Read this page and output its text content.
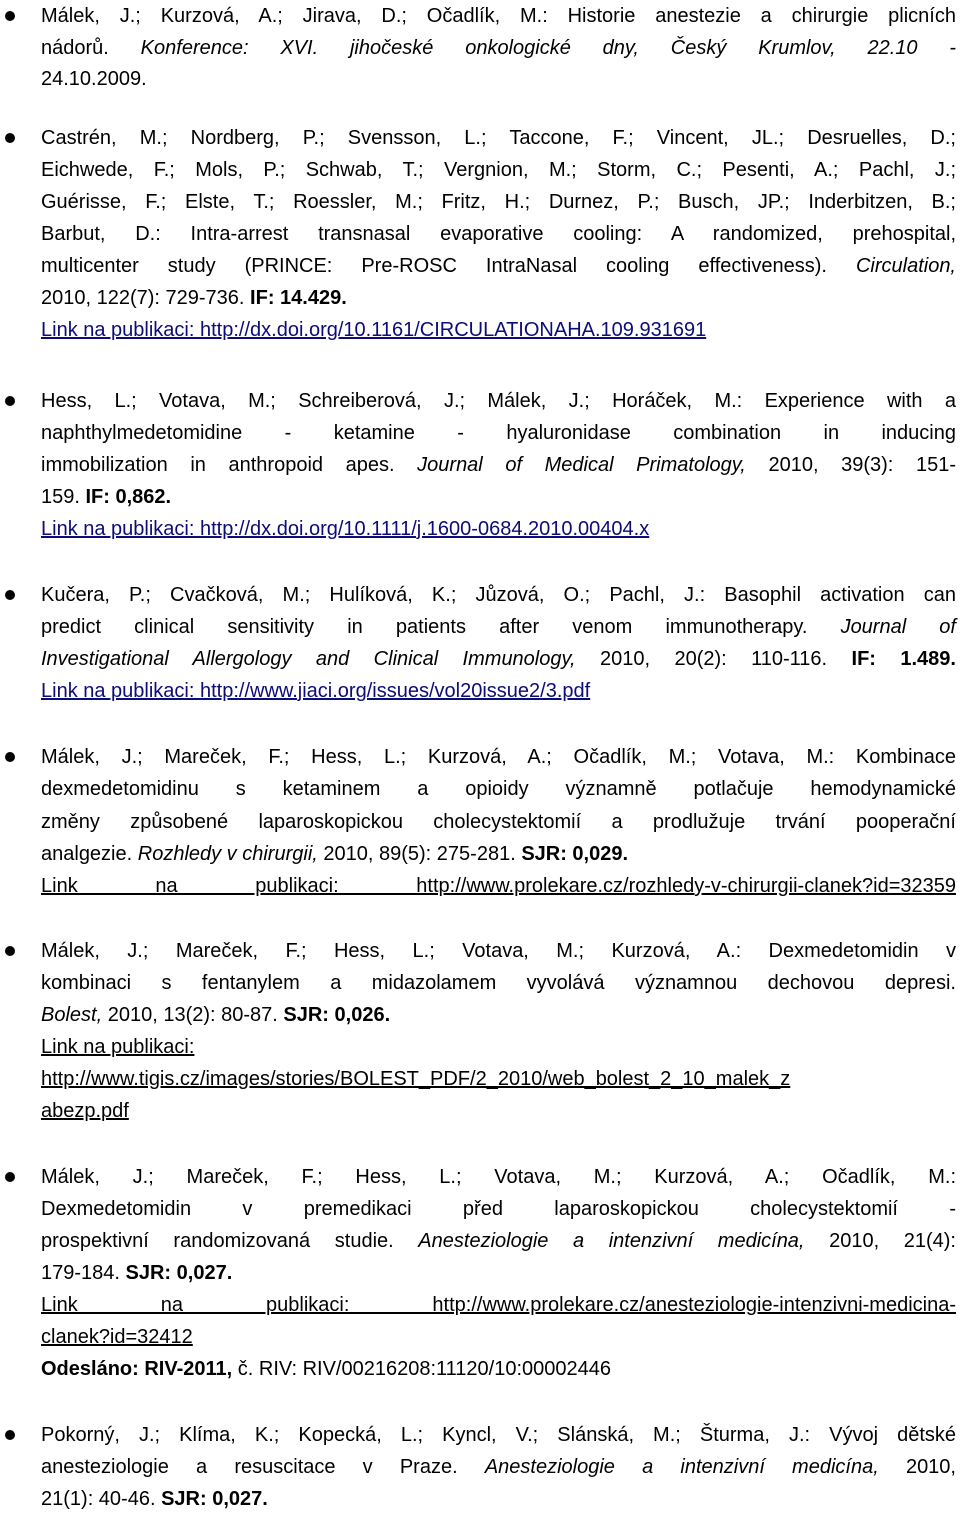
Málek, J.; Kurzová, A.; Jirava, D.; Očadlík, M.: Historie anestezie a chirurgie plicních
nádorů. Konference: XVI. jihočeské onkologické dny, Český Krumlov, 22.10 -
24.10.2009.
Castrén, M.; Nordberg, P.; Svensson, L.; Taccone, F.; Vincent, JL.; Desruelles, D.;
Eichwede, F.; Mols, P.; Schwab, T.; Vergnion, M.; Storm, C.; Pesenti, A.; Pachl, J.;
Guérisse, F.; Elste, T.; Roessler, M.; Fritz, H.; Durnez, P.; Busch, JP.; Inderbitzen, B.;
Barbut, D.: Intra-arrest transnasal evaporative cooling: A randomized, prehospital,
multicenter study (PRINCE: Pre-ROSC IntraNasal cooling effectiveness). Circulation,
2010, 122(7): 729-736. IF: 14.429.
Link na publikaci: http://dx.doi.org/10.1161/CIRCULATIONAHA.109.931691
Hess, L.; Votava, M.; Schreiberová, J.; Málek, J.; Horáček, M.: Experience with a
naphthylmedetomidine - ketamine - hyaluronidase combination in inducing
immobilization in anthropoid apes. Journal of Medical Primatology, 2010, 39(3): 151-
159. IF: 0,862.
Link na publikaci: http://dx.doi.org/10.1111/j.1600-0684.2010.00404.x
Kučera, P.; Cvačková, M.; Hulíková, K.; Jůzová, O.; Pachl, J.: Basophil activation can
predict clinical sensitivity in patients after venom immunotherapy. Journal of
Investigational Allergology and Clinical Immunology, 2010, 20(2): 110-116. IF: 1.489.
Link na publikaci: http://www.jiaci.org/issues/vol20issue2/3.pdf
Málek, J.; Mareček, F.; Hess, L.; Kurzová, A.; Očadlík, M.; Votava, M.: Kombinace
dexmedetomidinu s ketaminem a opioidy významně potlačuje hemodynamické
změny způsobené laparoskopickou cholecystektomií a prodlužuje trvání pooperační
analgezie. Rozhledy v chirurgii, 2010, 89(5): 275-281. SJR: 0,029.
Link na publikaci: http://www.prolekare.cz/rozhledy-v-chirurgii-clanek?id=32359
Málek, J.; Mareček, F.; Hess, L.; Votava, M.; Kurzová, A.: Dexmedetomidin v
kombinaci s fentanylem a midazolamem vyvolává významnou dechovou depresi.
Bolest, 2010, 13(2): 80-87. SJR: 0,026.
Link na publikaci:
http://www.tigis.cz/images/stories/BOLEST_PDF/2_2010/web_bolest_2_10_malek_z
abezp.pdf
Málek, J.; Mareček, F.; Hess, L.; Votava, M.; Kurzová, A.; Očadlík, M.:
Dexmedetomidin v premedikaci před laparoskopickou cholecystektomií -
prospektivní randomizovaná studie. Anesteziologie a intenzivní medicína, 2010, 21(4):
179-184. SJR: 0,027.
Link na publikaci: http://www.prolekare.cz/anesteziologie-intenzivni-medicina-
clanek?id=32412
Odesláno: RIV-2011, č. RIV: RIV/00216208:11120/10:00002446
Pokorný, J.; Klíma, K.; Kopecká, L.; Kyncl, V.; Slánská, M.; Šturma, J.: Vývoj dětské
anesteziologie a resuscitace v Praze. Anesteziologie a intenzivní medicína, 2010,
21(1): 40-46. SJR: 0,027.
